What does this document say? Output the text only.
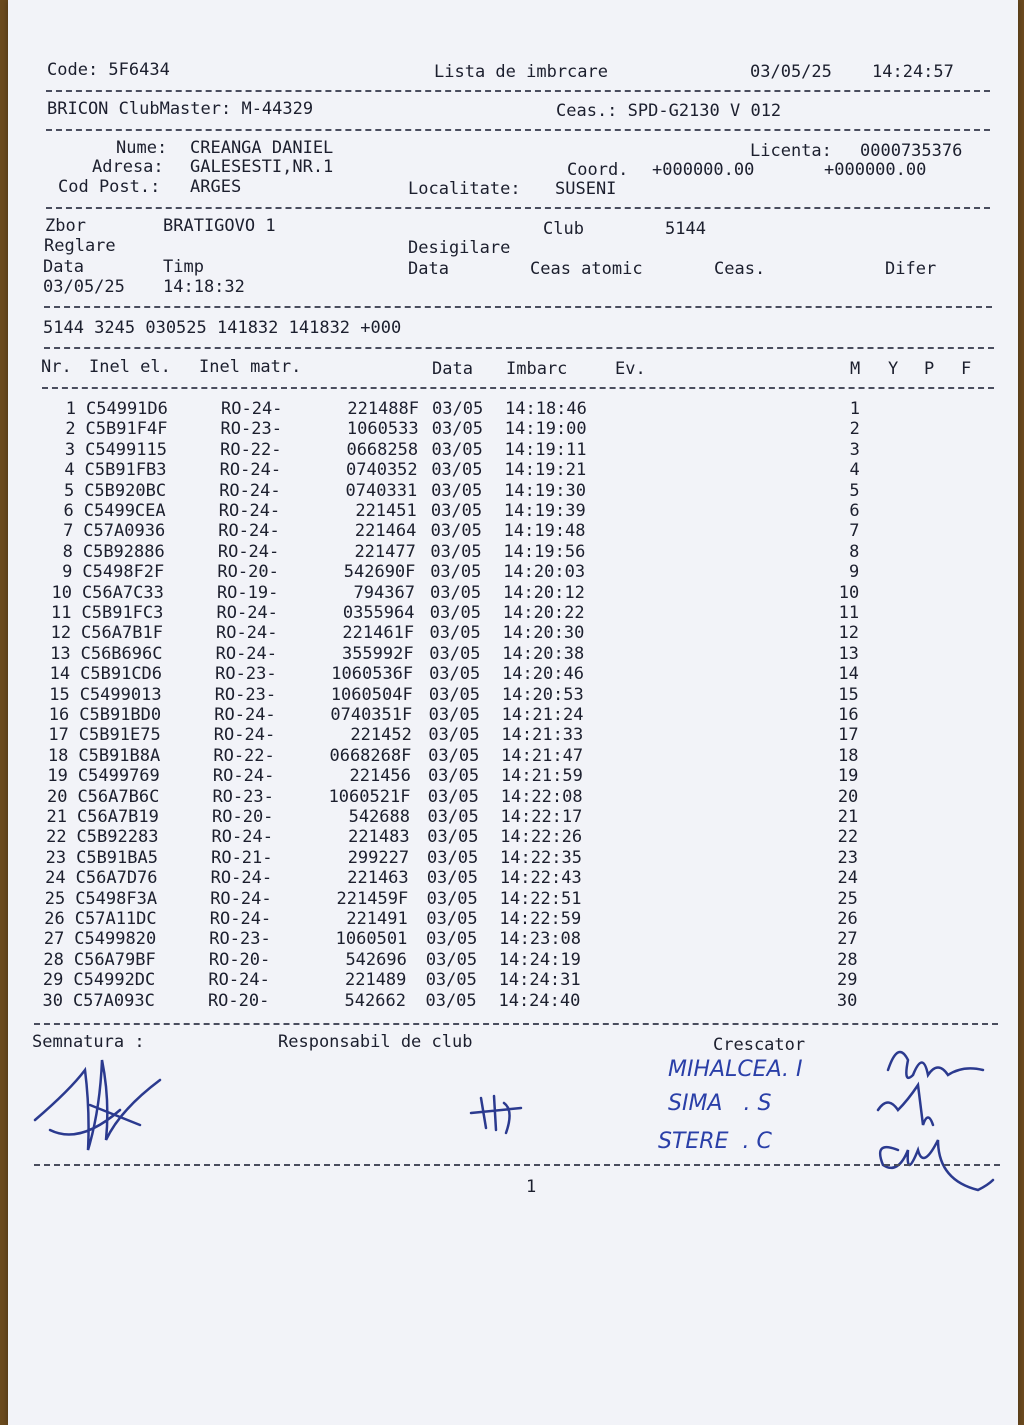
Code: 5F6434	Lista de imbrcare	03/05/25 14:24:57
BRICON ClubMaster: M-44329	Ceas.: SPD-G2130 V 012
Nume: CREANGA DANIEL	Licenta: 0000735376
Adresa: GALESESTI,NR.1	Coord. +000000.00	+000000.00
Cod Post.: ARGES	Localitate: SUSENI
Zbor	BRATIGOVO 1	Club	5144
Reglare	Desigilare
Data	Timp	Data	Ceas atomic	Ceas.	Difer
03/05/25 14:18:32
5144 3245 030525 141832 141832 +000
Nr. Inel el. Inel matr.	Data Imbarc	Ev.	M Y P F
1 C54991D6	RO-24-	221488F 03/05 14:18:46	1
2 C5B91F4F	RO-23-	1060533 03/05 14:19:00	2
3 C5499115	RO-22-	0668258 03/05 14:19:11	3
4 C5B91FB3	RO-24-	0740352 03/05 14:19:21	4
5 C5B920BC	RO-24-	0740331 03/05 14:19:30	5
6 C5499CEA	RO-24-	221451 03/05 14:19:39	6
7 C57A0936	RO-24-	221464 03/05 14:19:48	7
8 C5B92886	RO-24-	221477 03/05 14:19:56	8
9 C5498F2F	RO-20-	542690F 03/05 14:20:03	9
10 C56A7C33	RO-19-	794367 03/05 14:20:12	10
11 C5B91FC3	RO-24-	0355964 03/05 14:20:22	11
12 C56A7B1F	RO-24-	221461F 03/05 14:20:30	12
13 C56B696C	RO-24-	355992F 03/05 14:20:38	13
14 C5B91CD6	RO-23-	1060536F 03/05 14:20:46	14
15 C5499013	RO-23-	1060504F 03/05 14:20:53	15
16 C5B91BD0	RO-24-	0740351F 03/05 14:21:24	16
17 C5B91E75	RO-24-	221452 03/05 14:21:33	17
18 C5B91B8A	RO-22-	0668268F 03/05 14:21:47	18
19 C5499769	RO-24-	221456 03/05 14:21:59	19
20 C56A7B6C	RO-23-	1060521F 03/05 14:22:08	20
21 C56A7B19	RO-20-	542688 03/05 14:22:17	21
22 C5B92283	RO-24-	221483 03/05 14:22:26	22
23 C5B91BA5	RO-21-	299227 03/05 14:22:35	23
24 C56A7D76	RO-24-	221463 03/05 14:22:43	24
25 C5498F3A	RO-24-	221459F 03/05 14:22:51	25
26 C57A11DC	RO-24-	221491 03/05 14:22:59	26
27 C5499820	RO-23-	1060501 03/05 14:23:08	27
28 C56A79BF	RO-20-	542696 03/05 14:24:19	28
29 C54992DC	RO-24-	221489 03/05 14:24:31	29
30 C57A093C	RO-20-	542662 03/05 14:24:40	30
Semnatura :	Responsabil de club	Crescator
MIHALCEA. I
SIMA   . S
STERE  . C
1
